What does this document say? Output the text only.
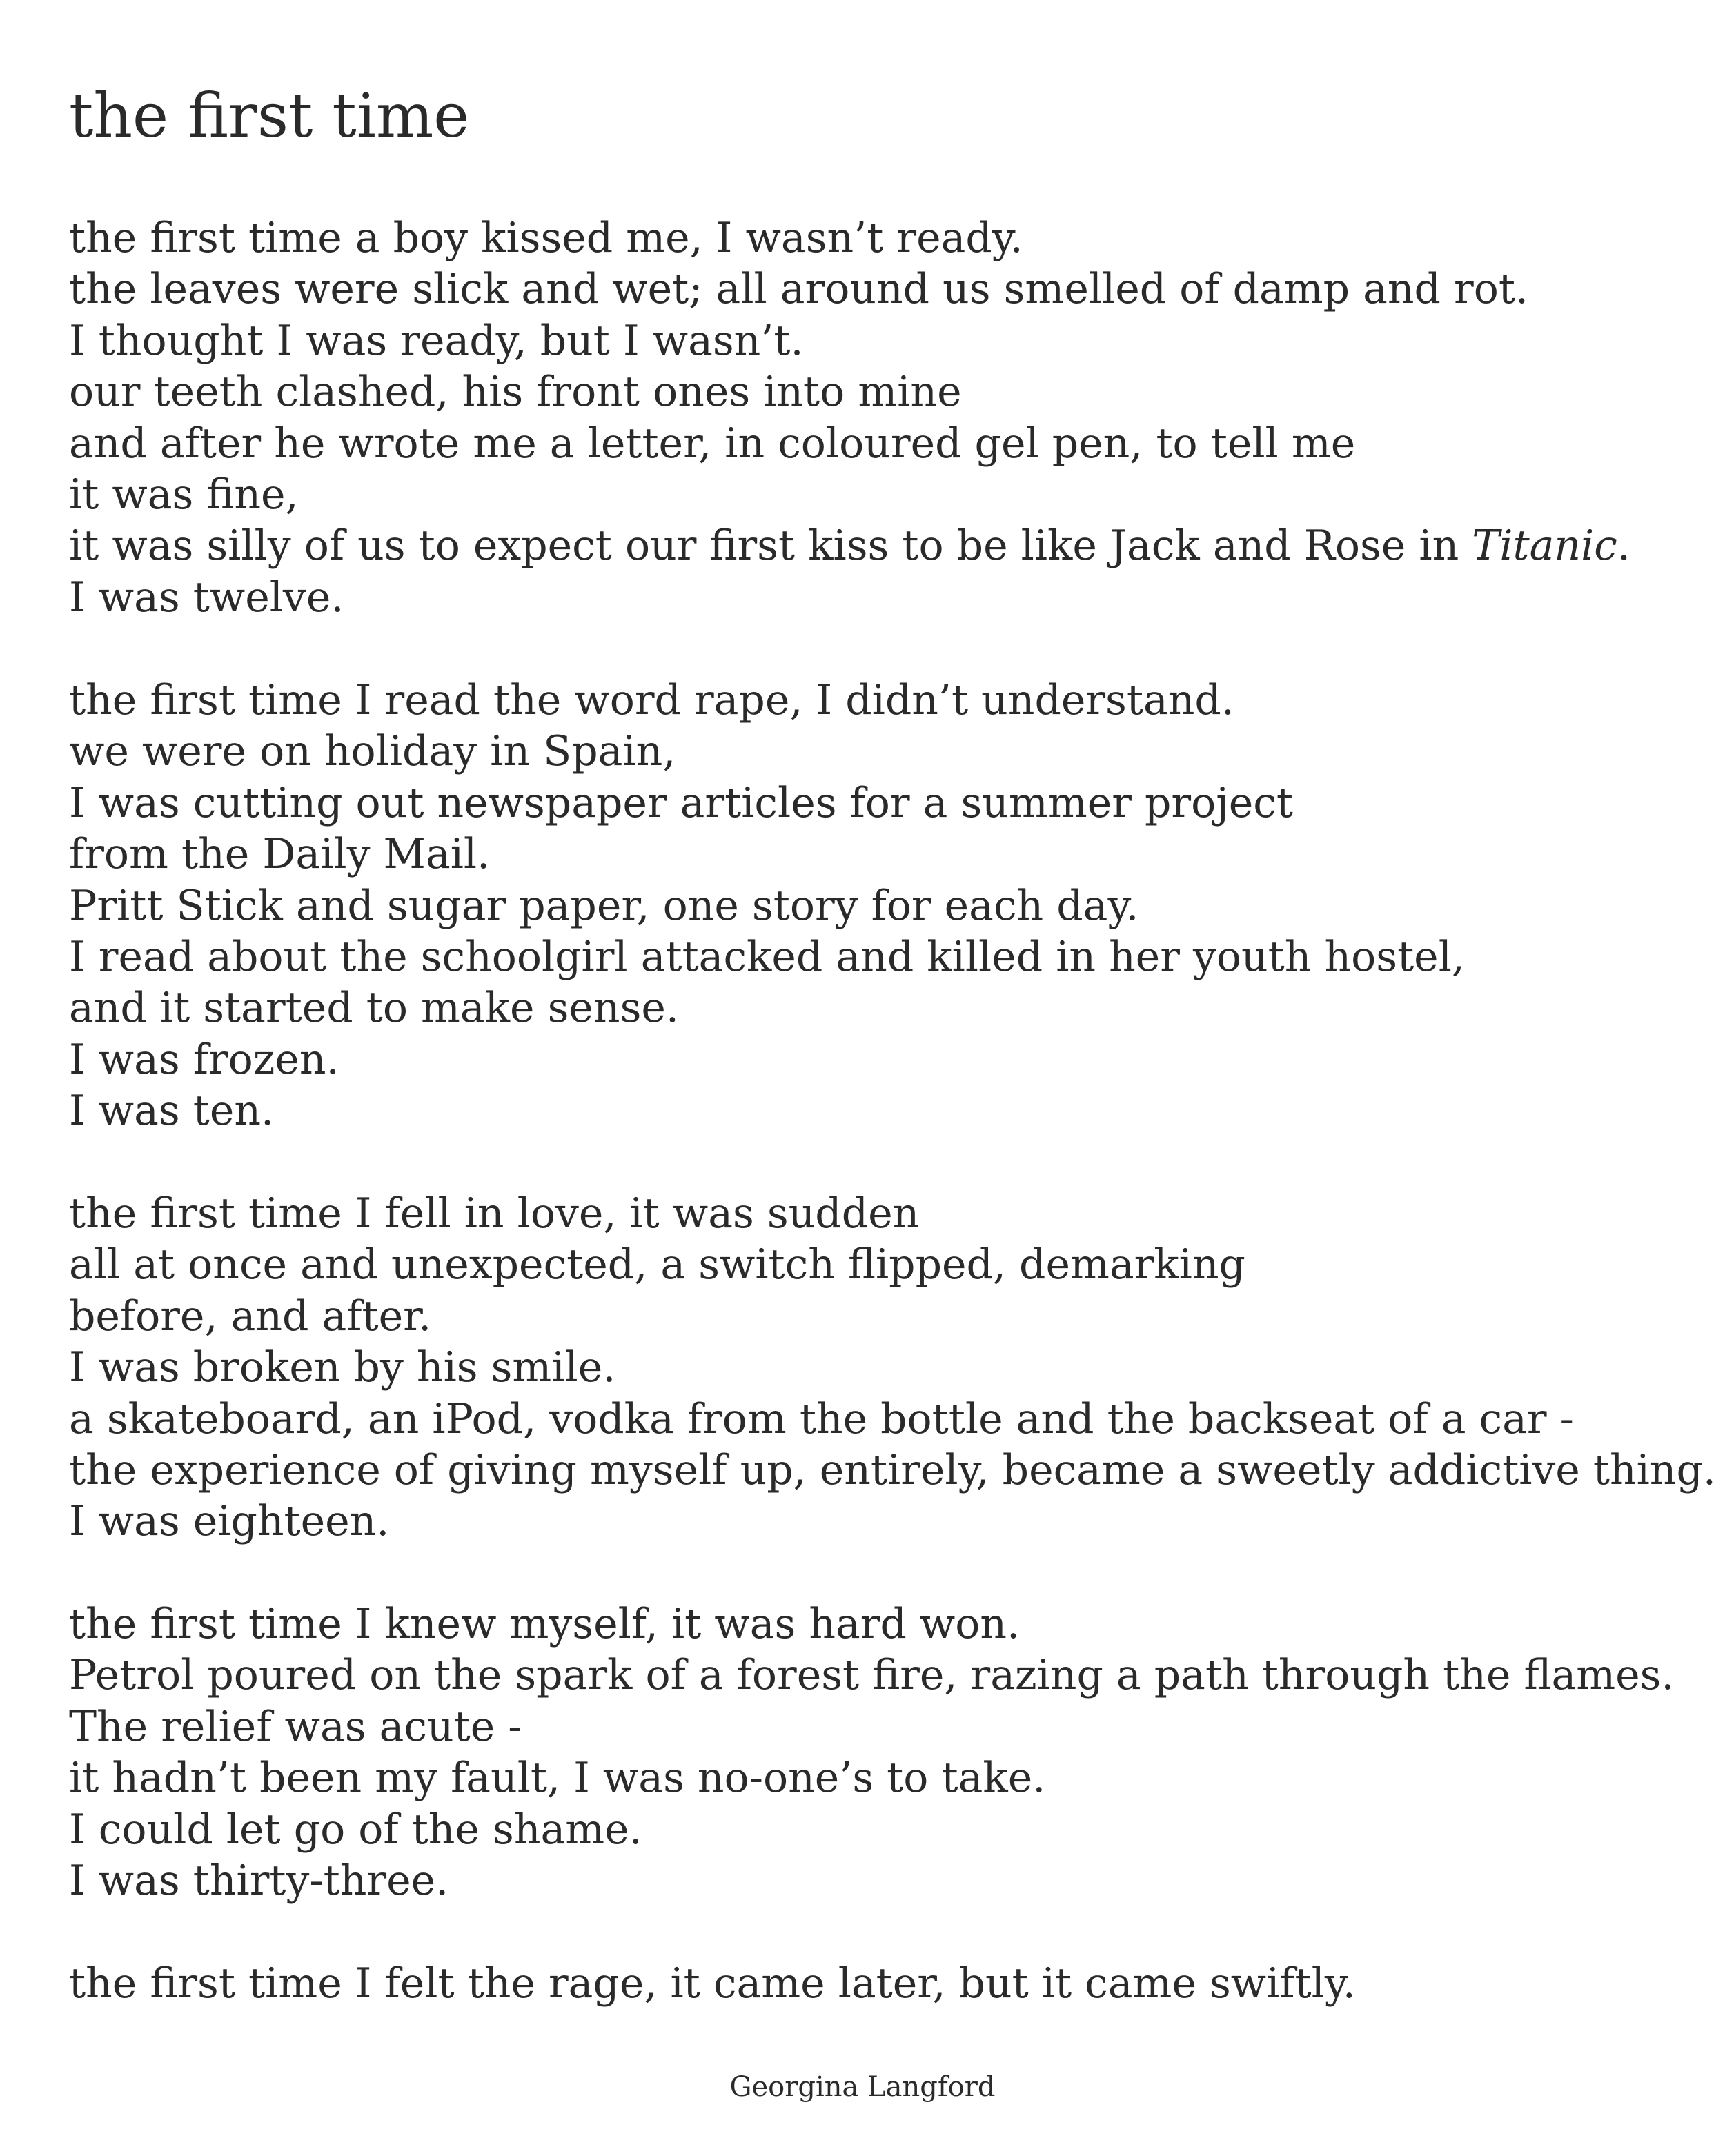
the first time
the first time a boy kissed me, I wasn’t ready.
the leaves were slick and wet; all around us smelled of damp and rot.
I thought I was ready, but I wasn’t.
our teeth clashed, his front ones into mine
and after he wrote me a letter, in coloured gel pen, to tell me
it was fine,
it was silly of us to expect our first kiss to be like Jack and Rose in Titanic.
I was twelve.
the first time I read the word rape, I didn’t understand.
we were on holiday in Spain,
I was cutting out newspaper articles for a summer project
from the Daily Mail.
Pritt Stick and sugar paper, one story for each day.
I read about the schoolgirl attacked and killed in her youth hostel,
and it started to make sense.
I was frozen.
I was ten.
the first time I fell in love, it was sudden
all at once and unexpected, a switch flipped, demarking
before, and after.
I was broken by his smile.
a skateboard, an iPod, vodka from the bottle and the backseat of a car -
the experience of giving myself up, entirely, became a sweetly addictive thing.
I was eighteen.
the first time I knew myself, it was hard won.
Petrol poured on the spark of a forest fire, razing a path through the flames.
The relief was acute -
it hadn’t been my fault, I was no-one’s to take.
I could let go of the shame.
I was thirty-three.
the first time I felt the rage, it came later, but it came swiftly.

Georgina Langford
